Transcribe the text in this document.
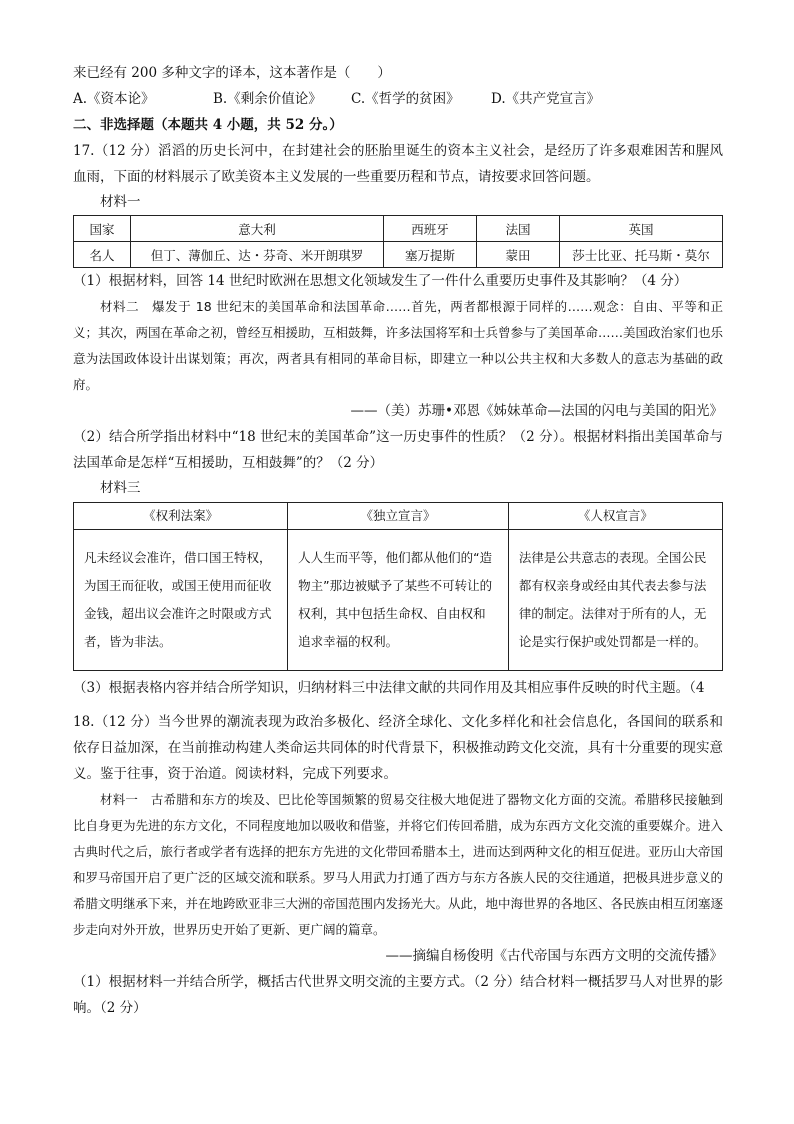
来已经有 200 多种文字的译本，这本著作是（　　）

A.《资本论》	B.《剩余价值论》	C.《哲学的贫困》	D.《共产党宣言》

二、非选择题（本题共 4 小题，共 52 分。）

17.（12 分）滔滔的历史长河中，在封建社会的胚胎里诞生的资本主义社会，是经历了许多艰难困苦和腥风血雨，下面的材料展示了欧美资本主义发展的一些重要历程和节点，请按要求回答问题。

材料一

国家	意大利	西班牙	法国	英国
名人	但丁、薄伽丘、达・芬奇、米开朗琪罗	塞万提斯	蒙田	莎士比亚、托马斯・莫尔

（1）根据材料，回答 14 世纪时欧洲在思想文化领域发生了一件什么重要历史事件及其影响？（4 分）

材料二　爆发于 18 世纪末的美国革命和法国革命……首先，两者都根源于同样的……观念：自由、平等和正义；其次，两国在革命之初，曾经互相援助，互相鼓舞，许多法国将军和士兵曾参与了美国革命……美国政治家们也乐意为法国政体设计出谋划策；再次，两者具有相同的革命目标，即建立一种以公共主权和大多数人的意志为基础的政府。

——（美）苏珊•邓恩《姊妹革命—法国的闪电与美国的阳光》

（2）结合所学指出材料中“18 世纪末的美国革命”这一历史事件的性质？（2 分）。根据材料指出美国革命与法国革命是怎样“互相援助，互相鼓舞”的？（2 分）

材料三

《权利法案》	《独立宣言》	《人权宣言》
凡未经议会准许，借口国王特权，为国王而征收，或国王使用而征收金钱，超出议会准许之时限或方式者，皆为非法。	人人生而平等，他们都从他们的“造物主”那边被赋予了某些不可转让的权利，其中包括生命权、自由权和追求幸福的权利。	法律是公共意志的表现。全国公民都有权亲身或经由其代表去参与法律的制定。法律对于所有的人，无论是实行保护或处罚都是一样的。

（3）根据表格内容并结合所学知识，归纳材料三中法律文献的共同作用及其相应事件反映的时代主题。（4

18.（12 分）当今世界的潮流表现为政治多极化、经济全球化、文化多样化和社会信息化，各国间的联系和依存日益加深，在当前推动构建人类命运共同体的时代背景下，积极推动跨文化交流，具有十分重要的现实意义。鉴于往事，资于治道。阅读材料，完成下列要求。

材料一　古希腊和东方的埃及、巴比伦等国频繁的贸易交往极大地促进了器物文化方面的交流。希腊移民接触到比自身更为先进的东方文化，不同程度地加以吸收和借鉴，并将它们传回希腊，成为东西方文化交流的重要媒介。进入古典时代之后，旅行者或学者有选择的把东方先进的文化带回希腊本土，进而达到两种文化的相互促进。亚历山大帝国和罗马帝国开启了更广泛的区域交流和联系。罗马人用武力打通了西方与东方各族人民的交往通道，把极具进步意义的希腊文明继承下来，并在地跨欧亚非三大洲的帝国范围内发扬光大。从此，地中海世界的各地区、各民族由相互闭塞逐步走向对外开放，世界历史开始了更新、更广阔的篇章。

——摘编自杨俊明《古代帝国与东西方文明的交流传播》

（1）根据材料一并结合所学，概括古代世界文明交流的主要方式。（2 分）结合材料一概括罗马人对世界的影响。（2 分）
